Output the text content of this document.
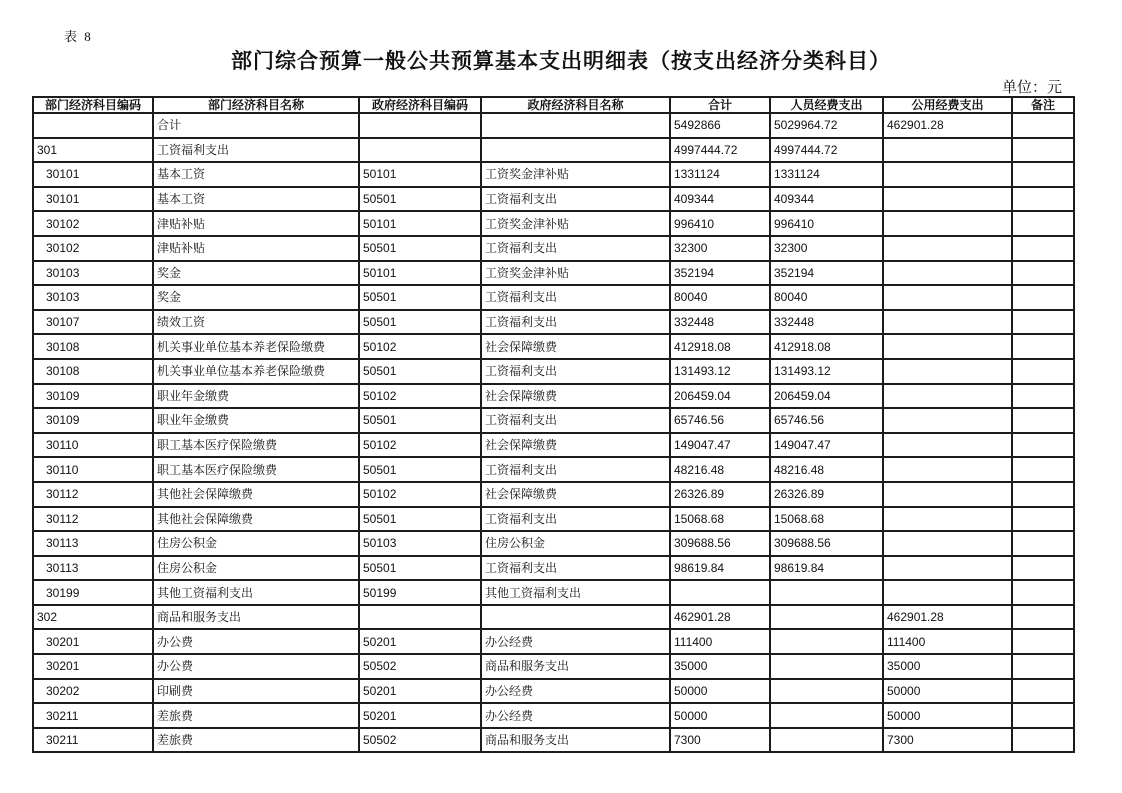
表 8
部门综合预算一般公共预算基本支出明细表（按支出经济分类科目）
单位：元
部门经济科目编码	部门经济科目名称	政府经济科目编码	政府经济科目名称	合计	人员经费支出	公用经费支出	备注
	合计			5492866	5029964.72	462901.28	
301	工资福利支出			4997444.72	4997444.72		
30101	基本工资	50101	工资奖金津补贴	1331124	1331124		
30101	基本工资	50501	工资福利支出	409344	409344		
30102	津贴补贴	50101	工资奖金津补贴	996410	996410		
30102	津贴补贴	50501	工资福利支出	32300	32300		
30103	奖金	50101	工资奖金津补贴	352194	352194		
30103	奖金	50501	工资福利支出	80040	80040		
30107	绩效工资	50501	工资福利支出	332448	332448		
30108	机关事业单位基本养老保险缴费	50102	社会保障缴费	412918.08	412918.08		
30108	机关事业单位基本养老保险缴费	50501	工资福利支出	131493.12	131493.12		
30109	职业年金缴费	50102	社会保障缴费	206459.04	206459.04		
30109	职业年金缴费	50501	工资福利支出	65746.56	65746.56		
30110	职工基本医疗保险缴费	50102	社会保障缴费	149047.47	149047.47		
30110	职工基本医疗保险缴费	50501	工资福利支出	48216.48	48216.48		
30112	其他社会保障缴费	50102	社会保障缴费	26326.89	26326.89		
30112	其他社会保障缴费	50501	工资福利支出	15068.68	15068.68		
30113	住房公积金	50103	住房公积金	309688.56	309688.56		
30113	住房公积金	50501	工资福利支出	98619.84	98619.84		
30199	其他工资福利支出	50199	其他工资福利支出				
302	商品和服务支出			462901.28		462901.28	
30201	办公费	50201	办公经费	111400		111400	
30201	办公费	50502	商品和服务支出	35000		35000	
30202	印刷费	50201	办公经费	50000		50000	
30211	差旅费	50201	办公经费	50000		50000	
30211	差旅费	50502	商品和服务支出	7300		7300	
